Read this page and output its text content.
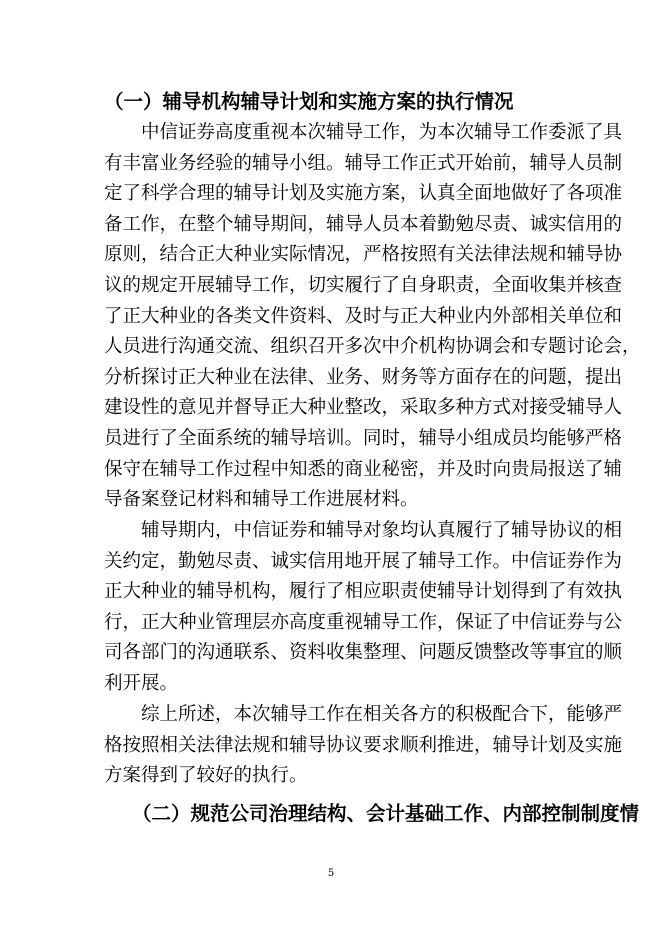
（一）辅导机构辅导计划和实施方案的执行情况
中信证券高度重视本次辅导工作，为本次辅导工作委派了具
有丰富业务经验的辅导小组。辅导工作正式开始前，辅导人员制
定了科学合理的辅导计划及实施方案，认真全面地做好了各项准
备工作，在整个辅导期间，辅导人员本着勤勉尽责、诚实信用的
原则，结合正大种业实际情况，严格按照有关法律法规和辅导协
议的规定开展辅导工作，切实履行了自身职责，全面收集并核查
了正大种业的各类文件资料、及时与正大种业内外部相关单位和
人员进行沟通交流、组织召开多次中介机构协调会和专题讨论会，
分析探讨正大种业在法律、业务、财务等方面存在的问题，提出
建设性的意见并督导正大种业整改，采取多种方式对接受辅导人
员进行了全面系统的辅导培训。同时，辅导小组成员均能够严格
保守在辅导工作过程中知悉的商业秘密，并及时向贵局报送了辅
导备案登记材料和辅导工作进展材料。
辅导期内，中信证券和辅导对象均认真履行了辅导协议的相
关约定，勤勉尽责、诚实信用地开展了辅导工作。中信证券作为
正大种业的辅导机构，履行了相应职责使辅导计划得到了有效执
行，正大种业管理层亦高度重视辅导工作，保证了中信证券与公
司各部门的沟通联系、资料收集整理、问题反馈整改等事宜的顺
利开展。
综上所述，本次辅导工作在相关各方的积极配合下，能够严
格按照相关法律法规和辅导协议要求顺利推进，辅导计划及实施
方案得到了较好的执行。
（二）规范公司治理结构、会计基础工作、内部控制制度情
5
